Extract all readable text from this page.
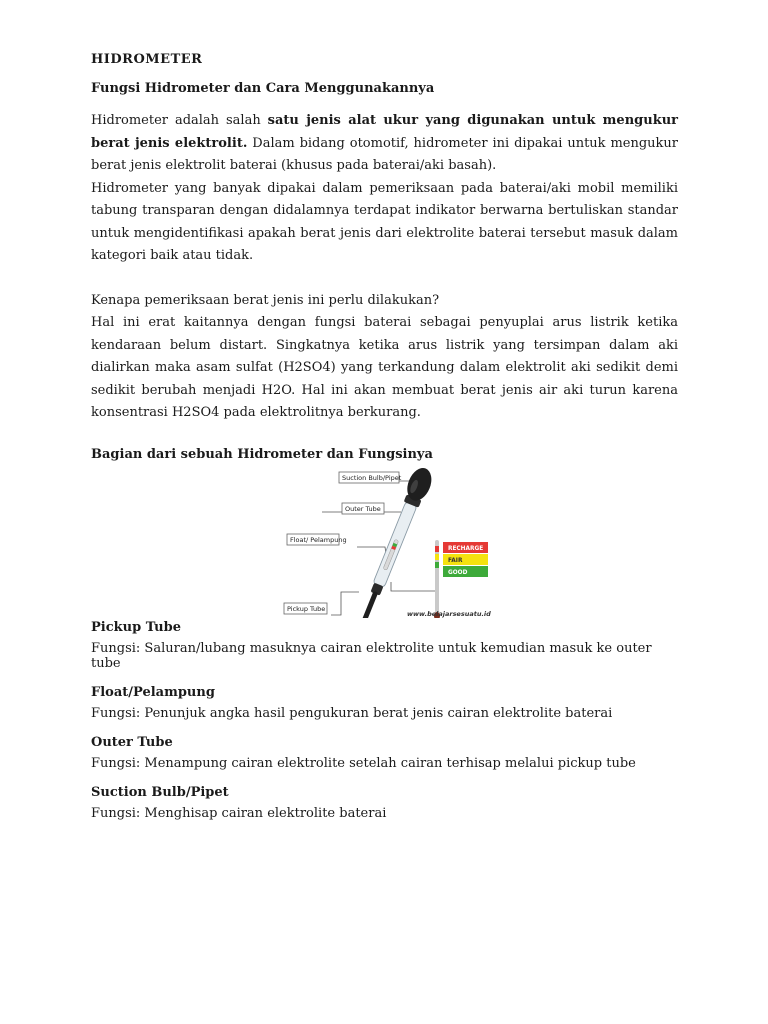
HIDROMETER
Fungsi Hidrometer dan Cara Menggunakannya

Hidrometer adalah salah satu jenis alat ukur yang digunakan untuk mengukur berat jenis elektrolit. Dalam bidang otomotif, hidrometer ini dipakai untuk mengukur berat jenis elektrolit baterai (khusus pada baterai/aki basah).

Hidrometer yang banyak dipakai dalam pemeriksaan pada baterai/aki mobil memiliki tabung transparan dengan didalamnya terdapat indikator berwarna bertuliskan standar untuk mengidentifikasi apakah berat jenis dari elektrolite baterai tersebut masuk dalam kategori baik atau tidak.

Kenapa pemeriksaan berat jenis ini perlu dilakukan?

Hal ini erat kaitannya dengan fungsi baterai sebagai penyuplai arus listrik ketika kendaraan belum distart. Singkatnya ketika arus listrik yang tersimpan dalam aki dialirkan maka asam sulfat (H2SO4) yang terkandung dalam elektrolit aki sedikit demi sedikit berubah menjadi H2O. Hal ini akan membuat berat jenis air aki turun karena konsentrasi H2SO4 pada elektrolitnya berkurang.

Bagian dari sebuah Hidrometer dan Fungsinya
Suction Bulb/Pipet
Outer Tube
Float/ Pelampung
Pickup Tube
RECHARGE
FAIR
GOOD
www.belajarsesuatu.id
Pickup Tube
Fungsi: Saluran/lubang masuknya cairan elektrolite untuk kemudian masuk ke outer tube
Float/Pelampung
Fungsi: Penunjuk angka hasil pengukuran berat jenis cairan elektrolite baterai
Outer Tube
Fungsi: Menampung cairan elektrolite setelah cairan terhisap melalui pickup tube
Suction Bulb/Pipet
Fungsi: Menghisap cairan elektrolite baterai
